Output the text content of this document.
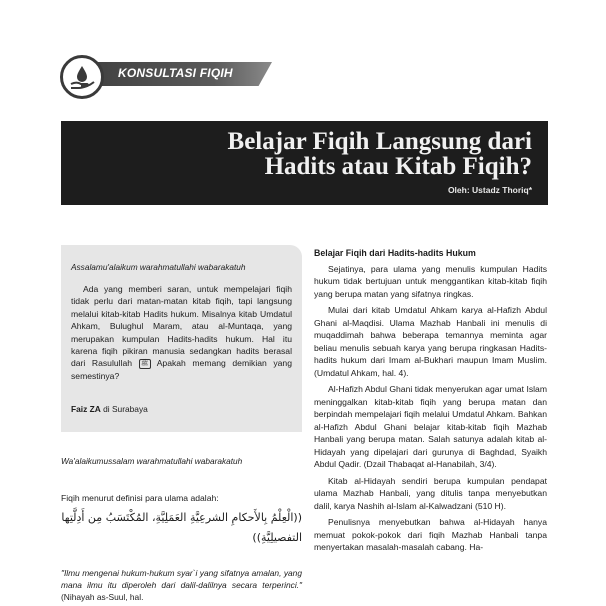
KONSULTASI FIQIH
Belajar Fiqih Langsung dari
Hadits atau Kitab Fiqih?
Oleh: Ustadz Thoriq*
Assalamu'alaikum warahmatullahi wabarakatuh
Ada yang memberi saran, untuk mempelajari fiqih tidak perlu dari matan-matan kitab fiqih, tapi langsung melalui kitab-kitab Hadits hukum. Misalnya kitab Umdatul Ahkam, Bulughul Maram, atau al-Muntaqa, yang merupakan kumpulan Hadits-hadits hukum. Hal itu karena fiqih pikiran manusia sedangkan hadits berasal dari Rasulullah ﷺ Apakah memang demikian yang semestinya?
Faiz ZA di Surabaya
Wa'alaikumussalam warahmatullahi wabarakatuh
Fiqih menurut definisi para ulama adalah:
((الْعِلْمُ بِالأَحكامِ الشرعِيَّةِ العَمَلِيَّةِ، المُكْتَسَبُ مِن أَدِلَّتِها التفصيلِيَّةِ))
"Ilmu mengenai hukum-hukum syar`i yang sifatnya amalan, yang mana ilmu itu diperoleh dari dalil-dalilnya secara terperinci." (Nihayah as-Suul, hal.
Belajar Fiqih dari Hadits-hadits Hukum

Sejatinya, para ulama yang menulis kumpulan Hadits hukum tidak bertujuan untuk menggantikan kitab-kitab fiqih yang berupa matan yang sifatnya ringkas.

Mulai dari kitab Umdatul Ahkam karya al-Hafizh Abdul Ghani al-Maqdisi. Ulama Mazhab Hanbali ini menulis di muqaddimah bahwa beberapa temannya meminta agar beliau menulis sebuah karya yang berupa ringkasan Hadits-hadits hukum dari Imam al-Bukhari maupun Imam Muslim. (Umdatul Ahkam, hal. 4).

Al-Hafizh Abdul Ghani tidak menyerukan agar umat Islam meninggalkan kitab-kitab fiqih yang berupa matan dan berpindah mempelajari fiqih melalui Umdatul Ahkam. Bahkan al-Hafizh Abdul Ghani belajar kitab-kitab fiqih Mazhab Hanbali yang berupa matan. Salah satunya adalah kitab al-Hidayah yang dipelajari dari gurunya di Baghdad, Syaikh Abdul Qadir. (Dzail Thabaqat al-Hanabilah, 3/4).

Kitab al-Hidayah sendiri berupa kumpulan pendapat ulama Mazhab Hanbali, yang ditulis tanpa menyebutkan dalil, karya Nashih al-Islam al-Kalwadzani (510 H).

Penulisnya menyebutkan bahwa al-Hidayah hanya memuat pokok-pokok dari fiqih Mazhab Hanbali tanpa menyertakan masalah-masalah cabang. Ha-
